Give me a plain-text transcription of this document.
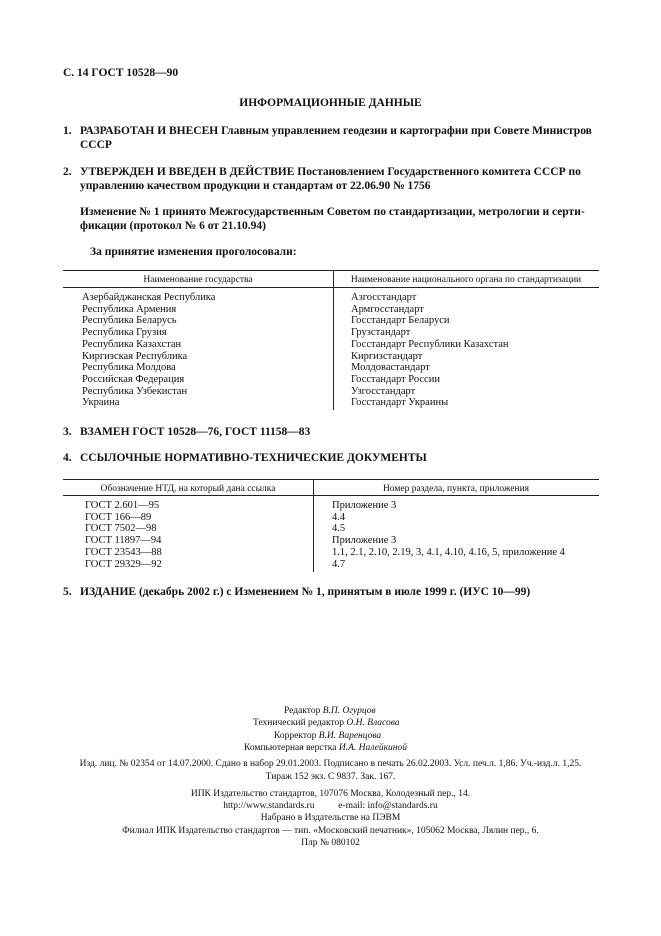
С. 14 ГОСТ 10528—90
ИНФОРМАЦИОННЫЕ ДАННЫЕ
1. РАЗРАБОТАН И ВНЕСЕН Главным управлением геодезии и картографии при Совете Министров
СССР
2. УТВЕРЖДЕН И ВВЕДЕН В ДЕЙСТВИЕ Постановлением Государственного комитета СССР по
управлению качеством продукции и стандартам от 22.06.90 № 1756
Изменение № 1 принято Межгосударственным Советом по стандартизации, метрологии и серти-
фикации (протокол № 6 от 21.10.94)
За принятие изменения проголосовали:
Наименование государства	Наименование национального органа по стандартизации
Азербайджанская Республика
Республика Армения
Республика Беларусь
Республика Грузия
Республика Казахстан
Киргизская Республика
Республика Молдова
Российская Федерация
Республика Узбекистан
Украина
Азгосстандарт
Армгосстандарт
Госстандарт Беларуси
Грузстандарт
Госстандарт Республики Казахстан
Киргизстандарт
Молдовастандарт
Госстандарт России
Узгосстандарт
Госстандарт Украины
3. ВЗАМЕН ГОСТ 10528—76, ГОСТ 11158—83
4. ССЫЛОЧНЫЕ НОРМАТИВНО-ТЕХНИЧЕСКИЕ ДОКУМЕНТЫ
Обозначение НТД, на который дана ссылка	Номер раздела, пункта, приложения
ГОСТ 2.601—95
ГОСТ 166—89
ГОСТ 7502—98
ГОСТ 11897—94
ГОСТ 23543—88
ГОСТ 29329—92
Приложение 3
4.4
4.5
Приложение 3
1.1, 2.1, 2.10, 2.19, 3, 4.1, 4.10, 4.16, 5, приложение 4
4.7
5. ИЗДАНИЕ (декабрь 2002 г.) с Изменением № 1, принятым в июле 1999 г. (ИУС 10—99)
Редактор В.П. Огурцов
Технический редактор О.Н. Власова
Корректор В.И. Варенцова
Компьютерная верстка И.А. Налейкиной
Изд. лиц. № 02354 от 14.07.2000. Сдано в набор 29.01.2003. Подписано в печать 26.02.2003. Усл. печ.л. 1,86. Уч.-изд.л. 1,25.
Тираж 152 экз. С 9837. Зак. 167.
ИПК Издательство стандартов, 107076 Москва, Колодезный пер., 14.
http://www.standards.ru          e-mail: info@standards.ru
Набрано в Издательстве на ПЭВМ
Филиал ИПК Издательство стандартов — тип. «Московский печатник», 105062 Москва, Лялин пер., 6.
Плр № 080102
